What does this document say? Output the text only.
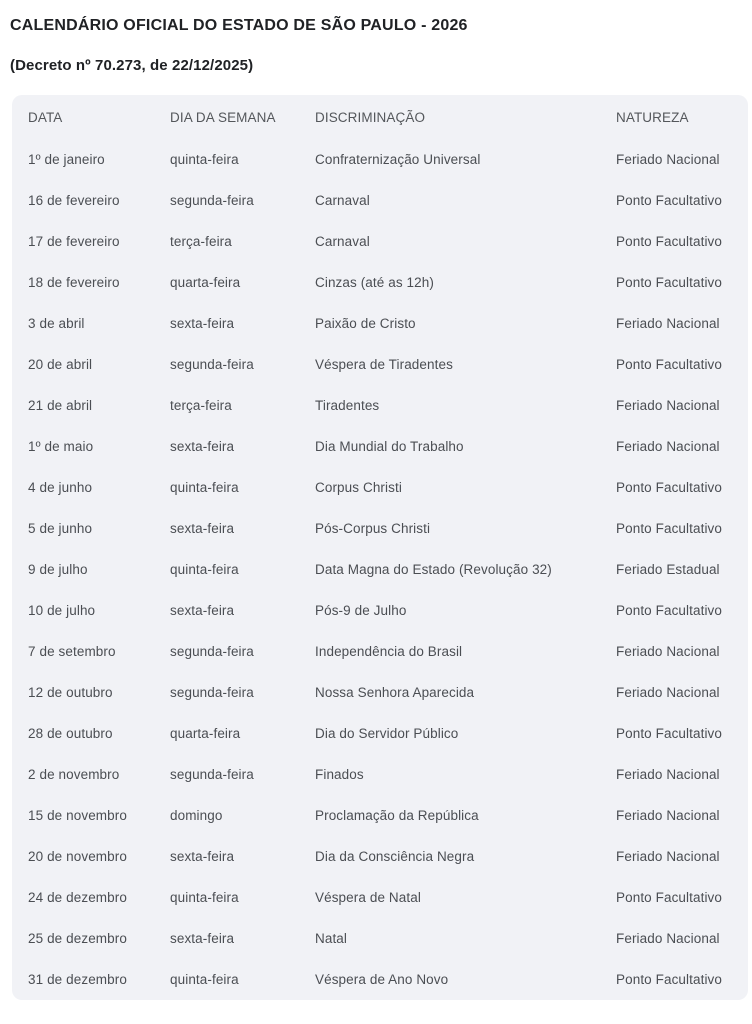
CALENDÁRIO OFICIAL DO ESTADO DE SÃO PAULO - 2026
(Decreto nº 70.273, de 22/12/2025)
DATA	DIA DA SEMANA	DISCRIMINAÇÃO	NATUREZA
1º de janeiro	quinta-feira	Confraternização Universal	Feriado Nacional
16 de fevereiro	segunda-feira	Carnaval	Ponto Facultativo
17 de fevereiro	terça-feira	Carnaval	Ponto Facultativo
18 de fevereiro	quarta-feira	Cinzas (até as 12h)	Ponto Facultativo
3 de abril	sexta-feira	Paixão de Cristo	Feriado Nacional
20 de abril	segunda-feira	Véspera de Tiradentes	Ponto Facultativo
21 de abril	terça-feira	Tiradentes	Feriado Nacional
1º de maio	sexta-feira	Dia Mundial do Trabalho	Feriado Nacional
4 de junho	quinta-feira	Corpus Christi	Ponto Facultativo
5 de junho	sexta-feira	Pós-Corpus Christi	Ponto Facultativo
9 de julho	quinta-feira	Data Magna do Estado (Revolução 32)	Feriado Estadual
10 de julho	sexta-feira	Pós-9 de Julho	Ponto Facultativo
7 de setembro	segunda-feira	Independência do Brasil	Feriado Nacional
12 de outubro	segunda-feira	Nossa Senhora Aparecida	Feriado Nacional
28 de outubro	quarta-feira	Dia do Servidor Público	Ponto Facultativo
2 de novembro	segunda-feira	Finados	Feriado Nacional
15 de novembro	domingo	Proclamação da República	Feriado Nacional
20 de novembro	sexta-feira	Dia da Consciência Negra	Feriado Nacional
24 de dezembro	quinta-feira	Véspera de Natal	Ponto Facultativo
25 de dezembro	sexta-feira	Natal	Feriado Nacional
31 de dezembro	quinta-feira	Véspera de Ano Novo	Ponto Facultativo
